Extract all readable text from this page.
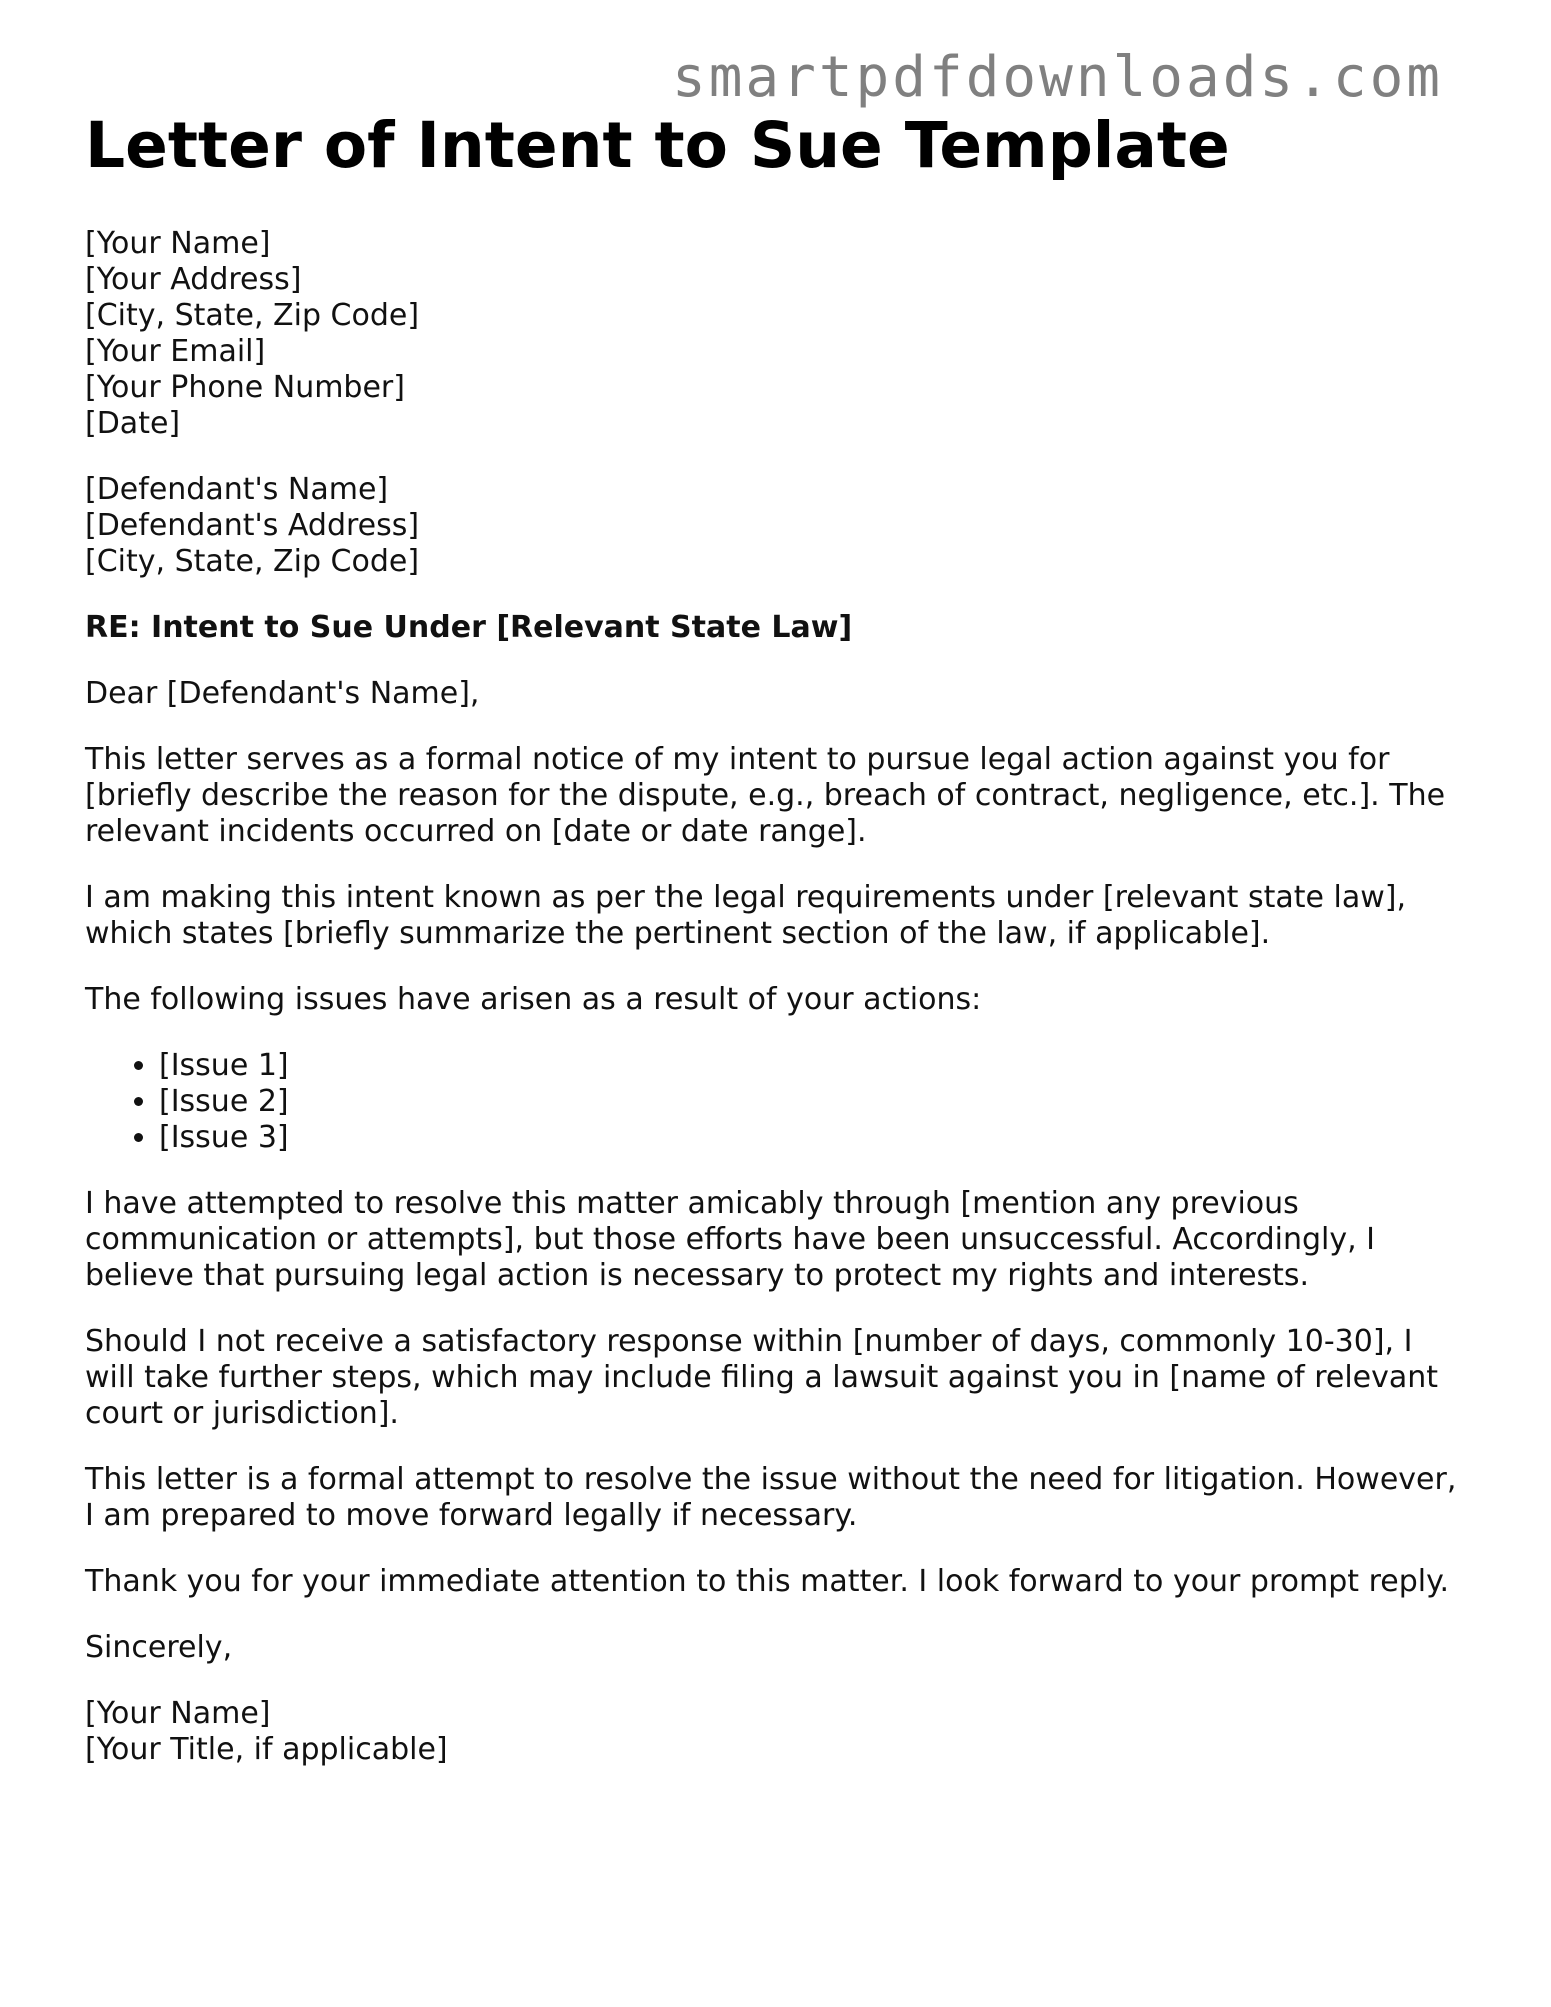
smartpdfdownloads.com
Letter of Intent to Sue Template
[Your Name]
[Your Address]
[City, State, Zip Code]
[Your Email]
[Your Phone Number]
[Date]
[Defendant's Name]
[Defendant's Address]
[City, State, Zip Code]
RE: Intent to Sue Under [Relevant State Law]
Dear [Defendant's Name],
This letter serves as a formal notice of my intent to pursue legal action against you for [briefly describe the reason for the dispute, e.g., breach of contract, negligence, etc.]. The relevant incidents occurred on [date or date range].
I am making this intent known as per the legal requirements under [relevant state law], which states [briefly summarize the pertinent section of the law, if applicable].
The following issues have arisen as a result of your actions:
• [Issue 1]
• [Issue 2]
• [Issue 3]
I have attempted to resolve this matter amicably through [mention any previous communication or attempts], but those efforts have been unsuccessful. Accordingly, I believe that pursuing legal action is necessary to protect my rights and interests.
Should I not receive a satisfactory response within [number of days, commonly 10-30], I will take further steps, which may include filing a lawsuit against you in [name of relevant court or jurisdiction].
This letter is a formal attempt to resolve the issue without the need for litigation. However, I am prepared to move forward legally if necessary.
Thank you for your immediate attention to this matter. I look forward to your prompt reply.
Sincerely,
[Your Name]
[Your Title, if applicable]
